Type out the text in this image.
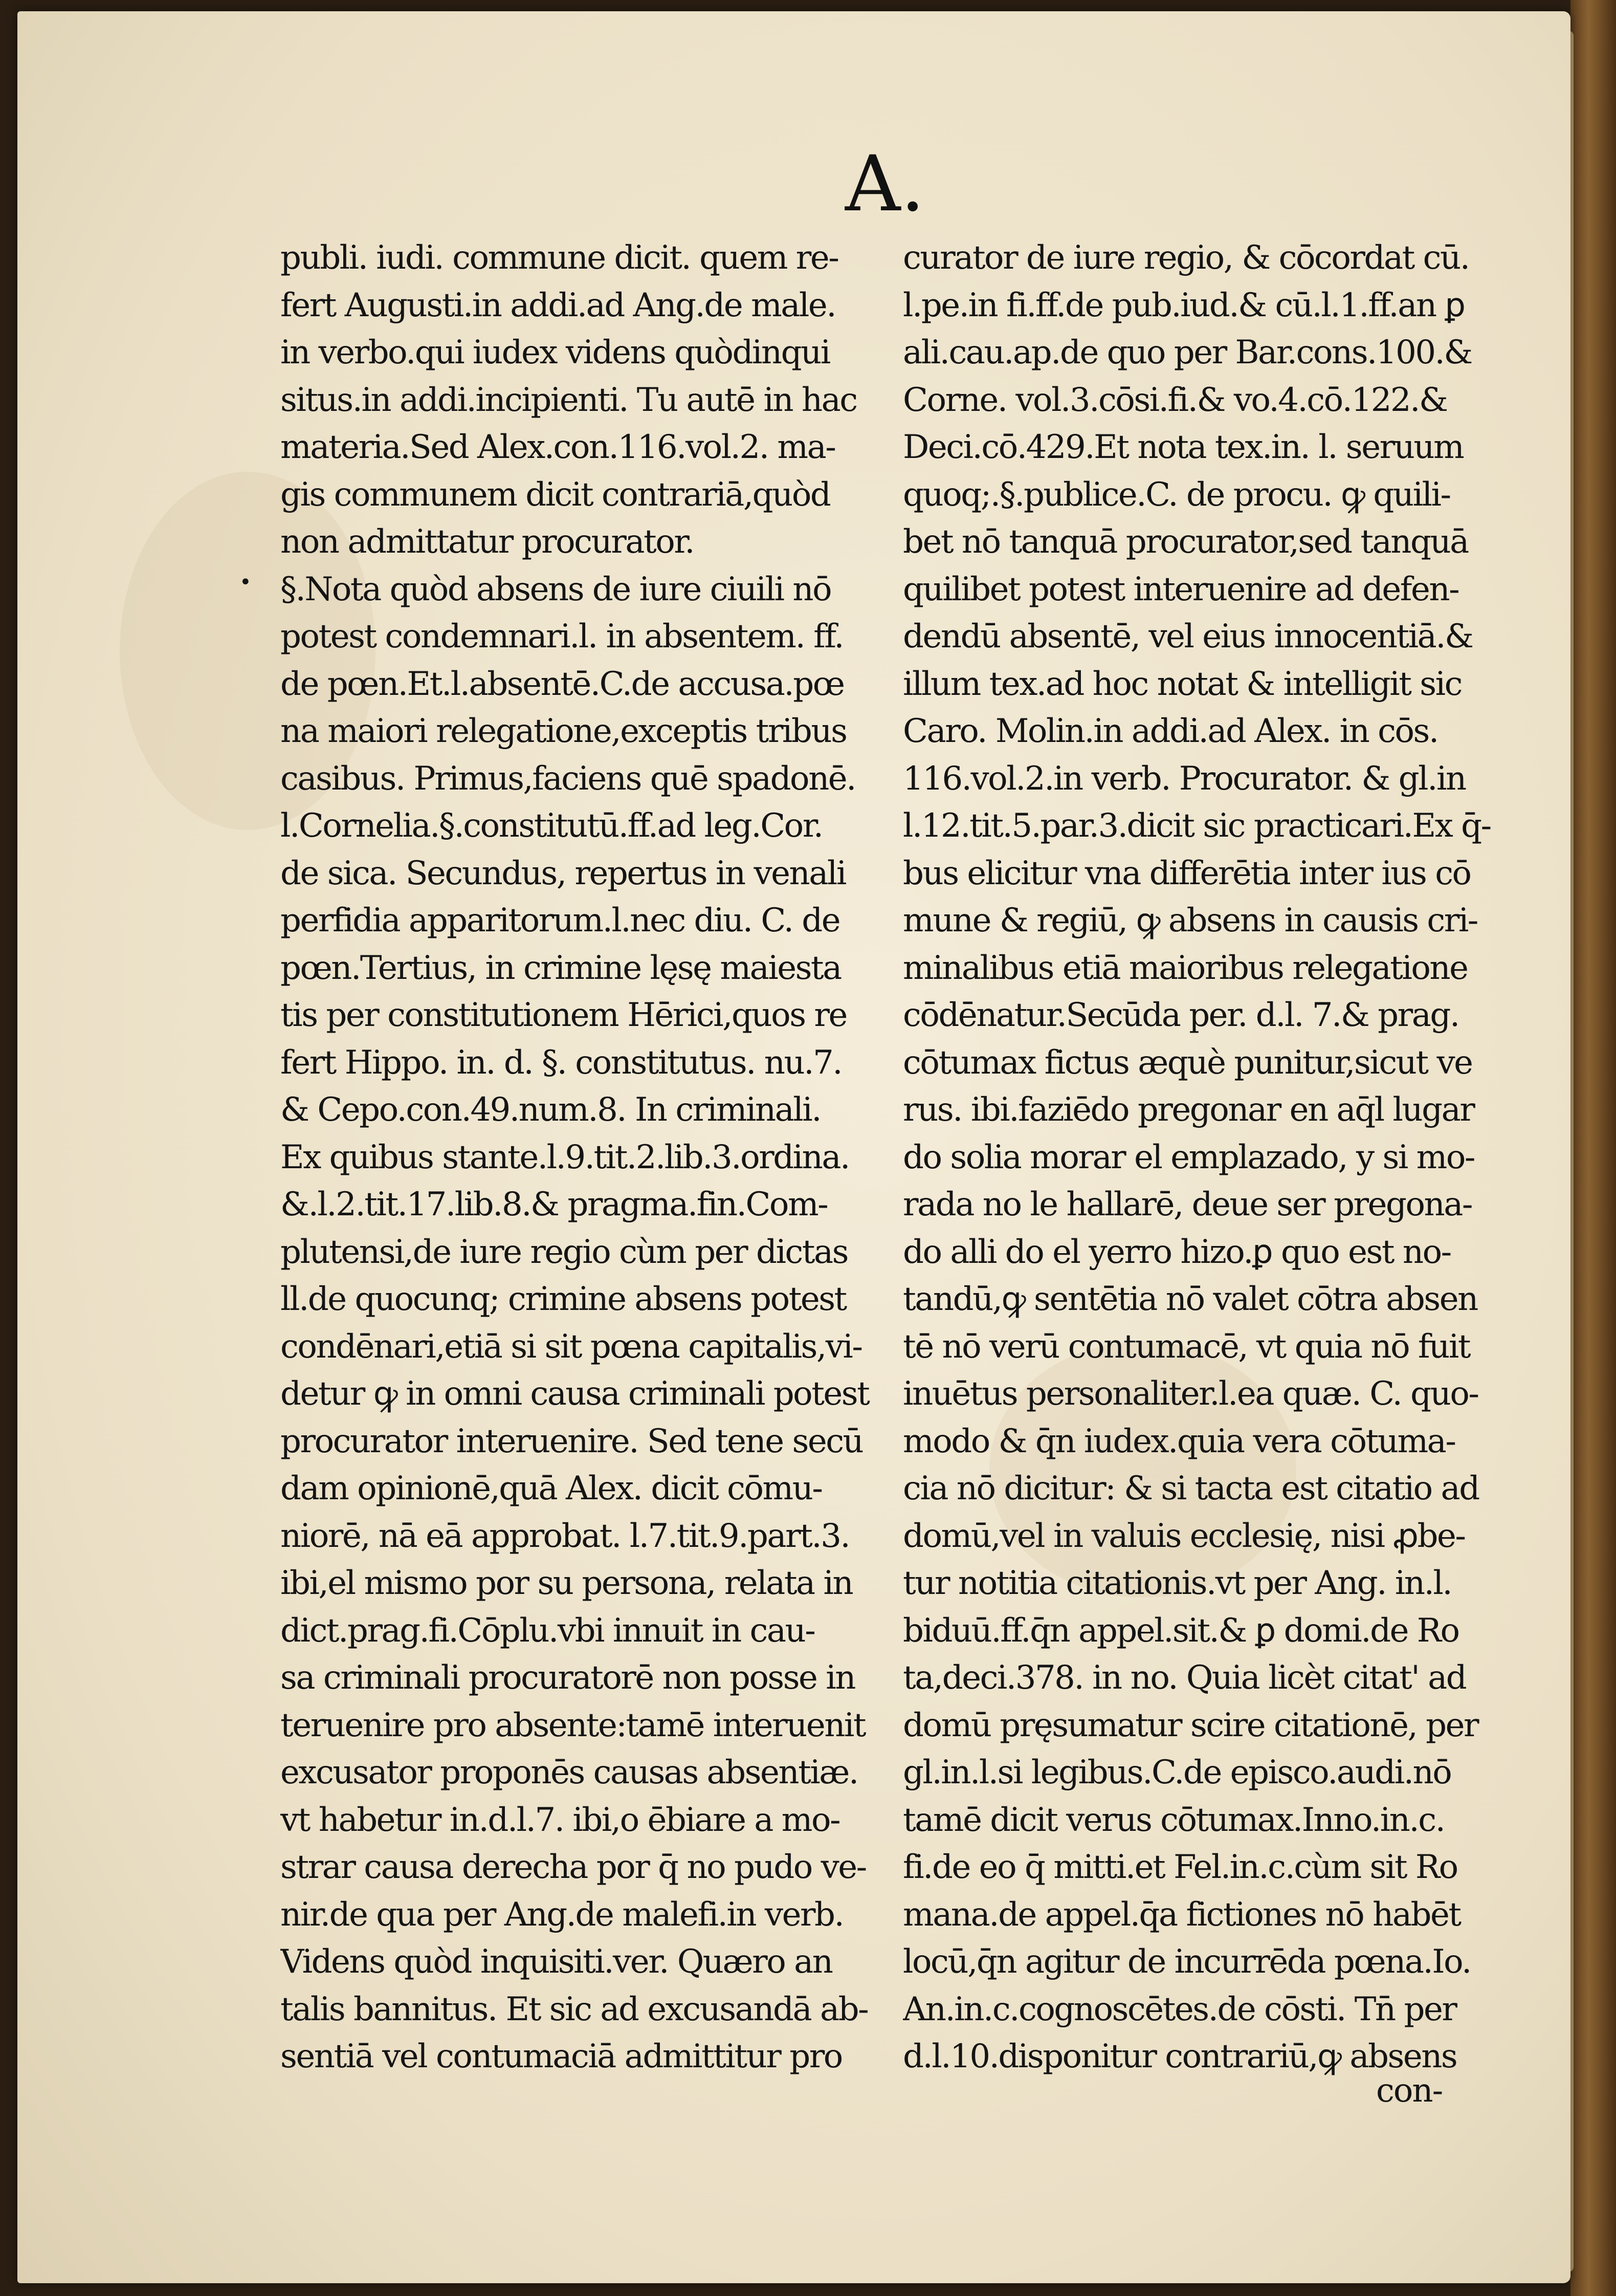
A.
•
publi. iudi. commune dicit. quem re-
fert Augusti.in addi.ad Ang.de male.
in verbo.qui iudex videns quòdinqui
situs.in addi.incipienti. Tu autē in hac
materia.Sed Alex.con.116.vol.2. ma-
gis communem dicit contrariā,quòd
non admittatur procurator.
§.Nota quòd absens de iure ciuili nō
potest condemnari.l. in absentem. ff.
de pœn.Et.l.absentē.C.de accusa.pœ
na maiori relegatione,exceptis tribus
casibus. Primus,faciens quē spadonē.
l.Cornelia.§.constitutū.ff.ad leg.Cor.
de sica. Secundus, repertus in venali
perfidia apparitorum.l.nec diu. C. de
pœn.Tertius, in crimine lęsę maiesta
tis per constitutionem Hērici,quos re
fert Hippo. in. d. §. constitutus. nu.7.
& Cepo.con.49.num.8. In criminali.
Ex quibus stante.l.9.tit.2.lib.3.ordina.
&.l.2.tit.17.lib.8.& pragma.fin.Com-
plutensi,de iure regio cùm per dictas
ll.de quocunq; crimine absens potest
condēnari,etiā si sit pœna capitalis,vi-
detur ꝙ in omni causa criminali potest
procurator interuenire. Sed tene secū
dam opinionē,quā Alex. dicit cōmu-
niorē, nā eā approbat. l.7.tit.9.part.3.
ibi,el mismo por su persona, relata in
dict.prag.fi.Cōplu.vbi innuit in cau-
sa criminali procuratorē non posse in
teruenire pro absente:tamē interuenit
excusator proponēs causas absentiæ.
vt habetur in.d.l.7. ibi,o ēbiare a mo-
strar causa derecha por q̄ no pudo ve-
nir.de qua per Ang.de malefi.in verb.
Videns quòd inquisiti.ver. Quæro an
talis bannitus. Et sic ad excusandā ab-
sentiā vel contumaciā admittitur pro
curator de iure regio, & cōcordat cū.
l.pe.in fi.ff.de pub.iud.& cū.l.1.ff.an ꝑ
ali.cau.ap.de quo per Bar.cons.100.&
Corne. vol.3.cōsi.fi.& vo.4.cō.122.&
Deci.cō.429.Et nota tex.in. l. seruum
quoq;.§.publice.C. de procu. ꝙ quili-
bet nō tanquā procurator,sed tanquā
quilibet potest interuenire ad defen-
dendū absentē, vel eius innocentiā.&
illum tex.ad hoc notat & intelligit sic
Caro. Molin.in addi.ad Alex. in cōs.
116.vol.2.in verb. Procurator. & gl.in
l.12.tit.5.par.3.dicit sic practicari.Ex q̄-
bus elicitur vna differētia inter ius cō
mune & regiū, ꝙ absens in causis cri-
minalibus etiā maioribus relegatione
cōdēnatur.Secūda per. d.l. 7.& prag.
cōtumax fictus æquè punitur,sicut ve
rus. ibi.faziēdo pregonar en aq̄l lugar
do solia morar el emplazado, y si mo-
rada no le hallarē, deue ser pregona-
do alli do el yerro hizo.ꝑ quo est no-
tandū,ꝙ sentētia nō valet cōtra absen
tē nō verū contumacē, vt quia nō fuit
inuētus personaliter.l.ea quæ. C. quo-
modo & q̄n iudex.quia vera cōtuma-
cia nō dicitur: & si tacta est citatio ad
domū,vel in valuis ecclesię, nisi ꝓbe-
tur notitia citationis.vt per Ang. in.l.
biduū.ff.q̄n appel.sit.& ꝑ domi.de Ro
ta,deci.378. in no. Quia licèt citat' ad
domū pręsumatur scire citationē, per
gl.in.l.si legibus.C.de episco.audi.nō
tamē dicit verus cōtumax.Inno.in.c.
fi.de eo q̄ mitti.et Fel.in.c.cùm sit Ro
mana.de appel.q̄a fictiones nō habēt
locū,q̄n agitur de incurrēda pœna.Io.
An.in.c.cognoscētes.de cōsti. Tn̄ per
d.l.10.disponitur contrariū,ꝙ absens
con-
